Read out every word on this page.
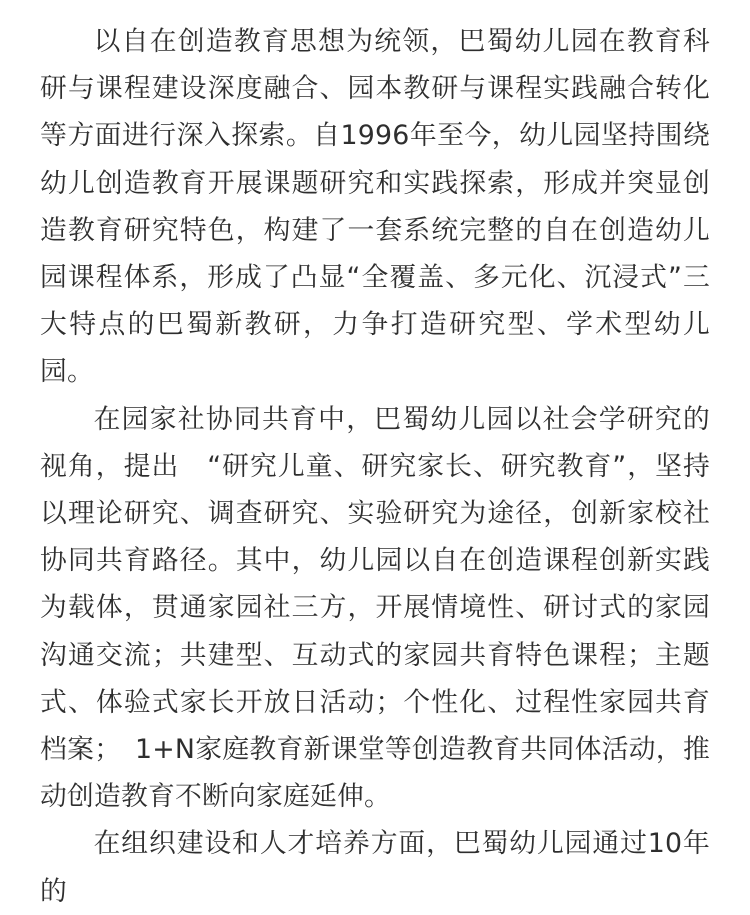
以自在创造教育思想为统领，巴蜀幼儿园在教育科研与课程建设深度融合、园本教研与课程实践融合转化等方面进行深入探索。自1996年至今，幼儿园坚持围绕幼儿创造教育开展课题研究和实践探索，形成并突显创造教育研究特色，构建了一套系统完整的自在创造幼儿园课程体系，形成了凸显“全覆盖、多元化、沉浸式”三大特点的巴蜀新教研，力争打造研究型、学术型幼儿园。

在园家社协同共育中，巴蜀幼儿园以社会学研究的视角，提出　“研究儿童、研究家长、研究教育”，坚持以理论研究、调查研究、实验研究为途径，创新家校社协同共育路径。其中，幼儿园以自在创造课程创新实践为载体，贯通家园社三方，开展情境性、研讨式的家园沟通交流；共建型、互动式的家园共育特色课程；主题式、体验式家长开放日活动；个性化、过程性家园共育档案；　1+N家庭教育新课堂等创造教育共同体活动，推动创造教育不断向家庭延伸。

在组织建设和人才培养方面，巴蜀幼儿园通过10年的
